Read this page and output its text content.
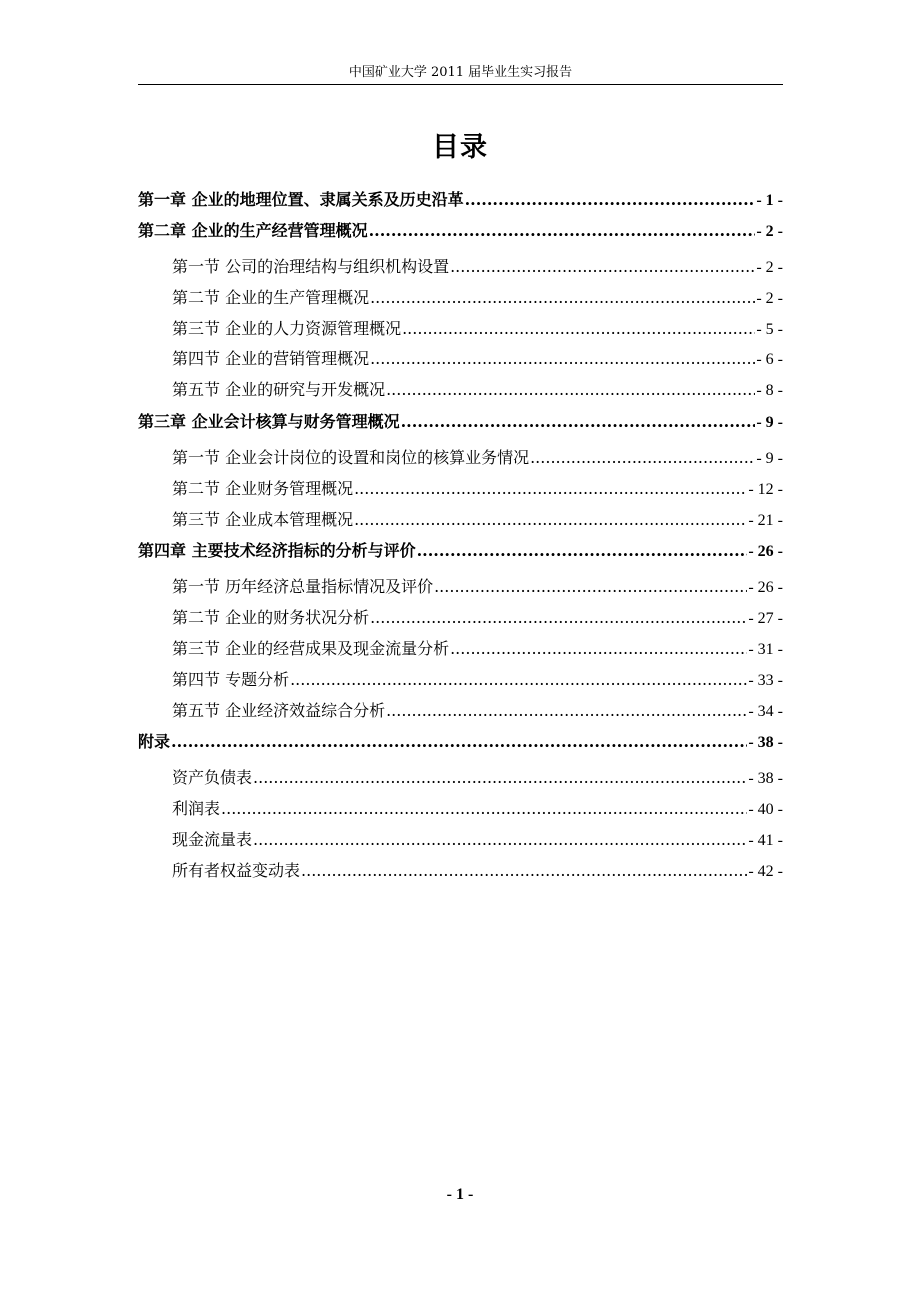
中国矿业大学 2011 届毕业生实习报告
目录
第一章 企业的地理位置、隶属关系及历史沿革 .....	- 1 -
第二章 企业的生产经营管理概况 .....	- 2 -
第一节 公司的治理结构与组织机构设置 .....	- 2 -
第二节 企业的生产管理概况 .....	- 2 -
第三节 企业的人力资源管理概况 .....	- 5 -
第四节 企业的营销管理概况 .....	- 6 -
第五节 企业的研究与开发概况 .....	- 8 -
第三章 企业会计核算与财务管理概况 .....	- 9 -
第一节 企业会计岗位的设置和岗位的核算业务情况 .....	- 9 -
第二节 企业财务管理概况 .....	- 12 -
第三节 企业成本管理概况 .....	- 21 -
第四章 主要技术经济指标的分析与评价 .....	- 26 -
第一节 历年经济总量指标情况及评价 .....	- 26 -
第二节 企业的财务状况分析 .....	- 27 -
第三节 企业的经营成果及现金流量分析 .....	- 31 -
第四节 专题分析 .....	- 33 -
第五节 企业经济效益综合分析 .....	- 34 -
附录 .....	- 38 -
资产负债表 .....	- 38 -
利润表 .....	- 40 -
现金流量表 .....	- 41 -
所有者权益变动表 .....	- 42 -
- 1 -
